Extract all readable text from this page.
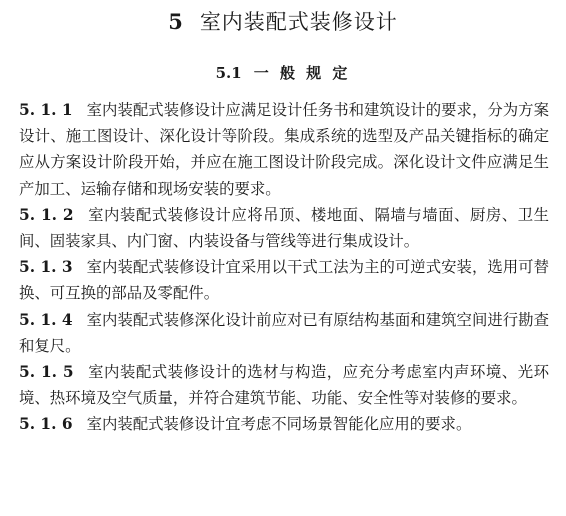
5 室内装配式装修设计
5.1 一 般 规 定

5. 1. 1 室内装配式装修设计应满足设计任务书和建筑设计的要求，分为方案设计、施工图设计、深化设计等阶段。集成系统的选型及产品关键指标的确定应从方案设计阶段开始，并应在施工图设计阶段完成。深化设计文件应满足生产加工、运输存储和现场安装的要求。

5. 1. 2 室内装配式装修设计应将吊顶、楼地面、隔墙与墙面、厨房、卫生间、固装家具、内门窗、内装设备与管线等进行集成设计。

5. 1. 3 室内装配式装修设计宜采用以干式工法为主的可逆式安装，选用可替换、可互换的部品及零配件。

5. 1. 4 室内装配式装修深化设计前应对已有原结构基面和建筑空间进行勘查和复尺。

5. 1. 5 室内装配式装修设计的选材与构造，应充分考虑室内声环境、光环境、热环境及空气质量，并符合建筑节能、功能、安全性等对装修的要求。

5. 1. 6 室内装配式装修设计宜考虑不同场景智能化应用的要求。
